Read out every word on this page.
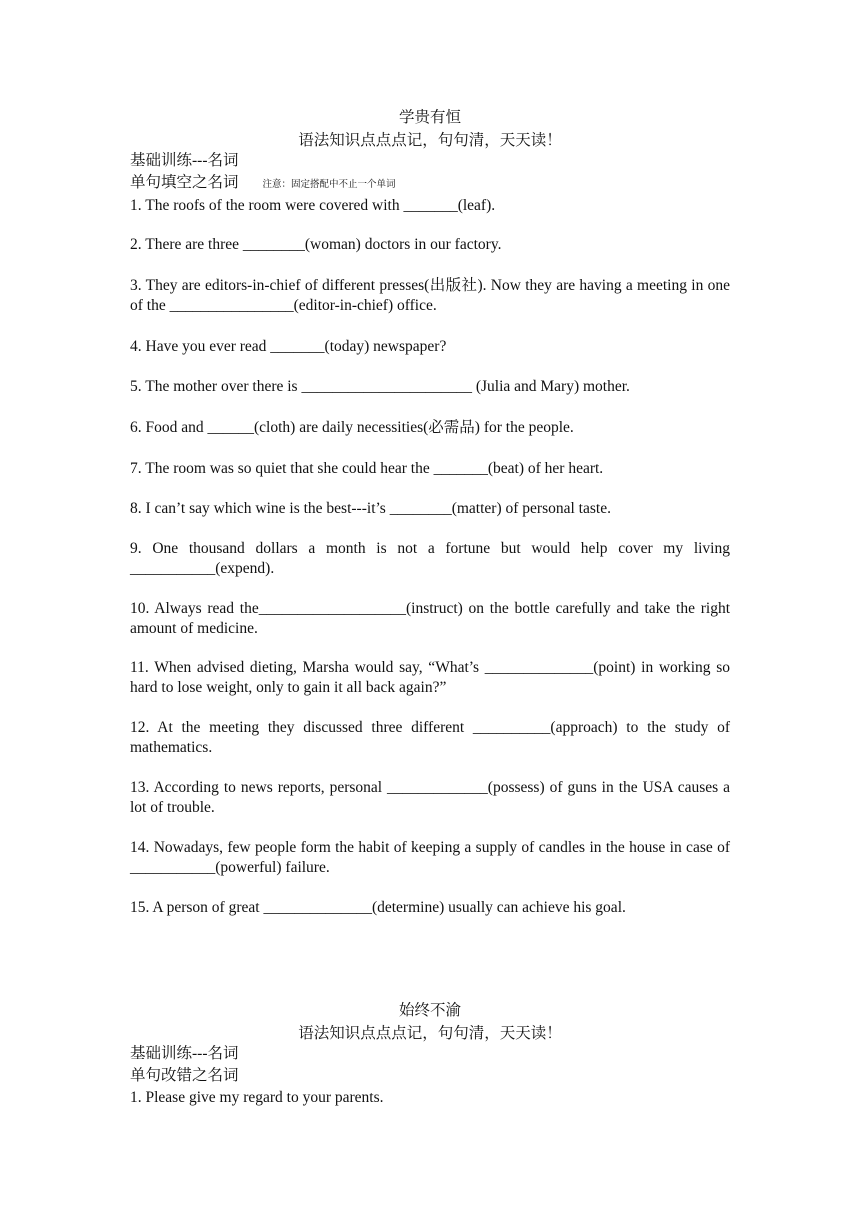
学贵有恒
语法知识点点点记，句句清，天天读！
基础训练---名词
单句填空之名词	注意：固定搭配中不止一个单词
1. The roofs of the room were covered with _______(leaf).
2. There are three ________(woman) doctors in our factory.
3. They are editors-in-chief of different presses(出版社). Now they are having a meeting in one of the ________________(editor-in-chief) office.
4. Have you ever read _______(today) newspaper?
5. The mother over there is ______________________ (Julia and Mary) mother.
6. Food and ______(cloth) are daily necessities(必需品) for the people.
7. The room was so quiet that she could hear the _______(beat) of her heart.
8. I can’t say which wine is the best---it’s ________(matter) of personal taste.
9. One thousand dollars a month is not a fortune but would help cover my living ___________(expend).
10. Always read the___________________(instruct) on the bottle carefully and take the right amount of medicine.
11. When advised dieting, Marsha would say, “What’s ______________(point) in working so hard to lose weight, only to gain it all back again?”
12. At the meeting they discussed three different __________(approach) to the study of mathematics.
13. According to news reports, personal _____________(possess) of guns in the USA causes a lot of trouble.
14. Nowadays, few people form the habit of keeping a supply of candles in the house in case of ___________(powerful) failure.
15. A person of great ______________(determine) usually can achieve his goal.
始终不渝
语法知识点点点记，句句清，天天读！
基础训练---名词
单句改错之名词
1. Please give my regard to your parents.
